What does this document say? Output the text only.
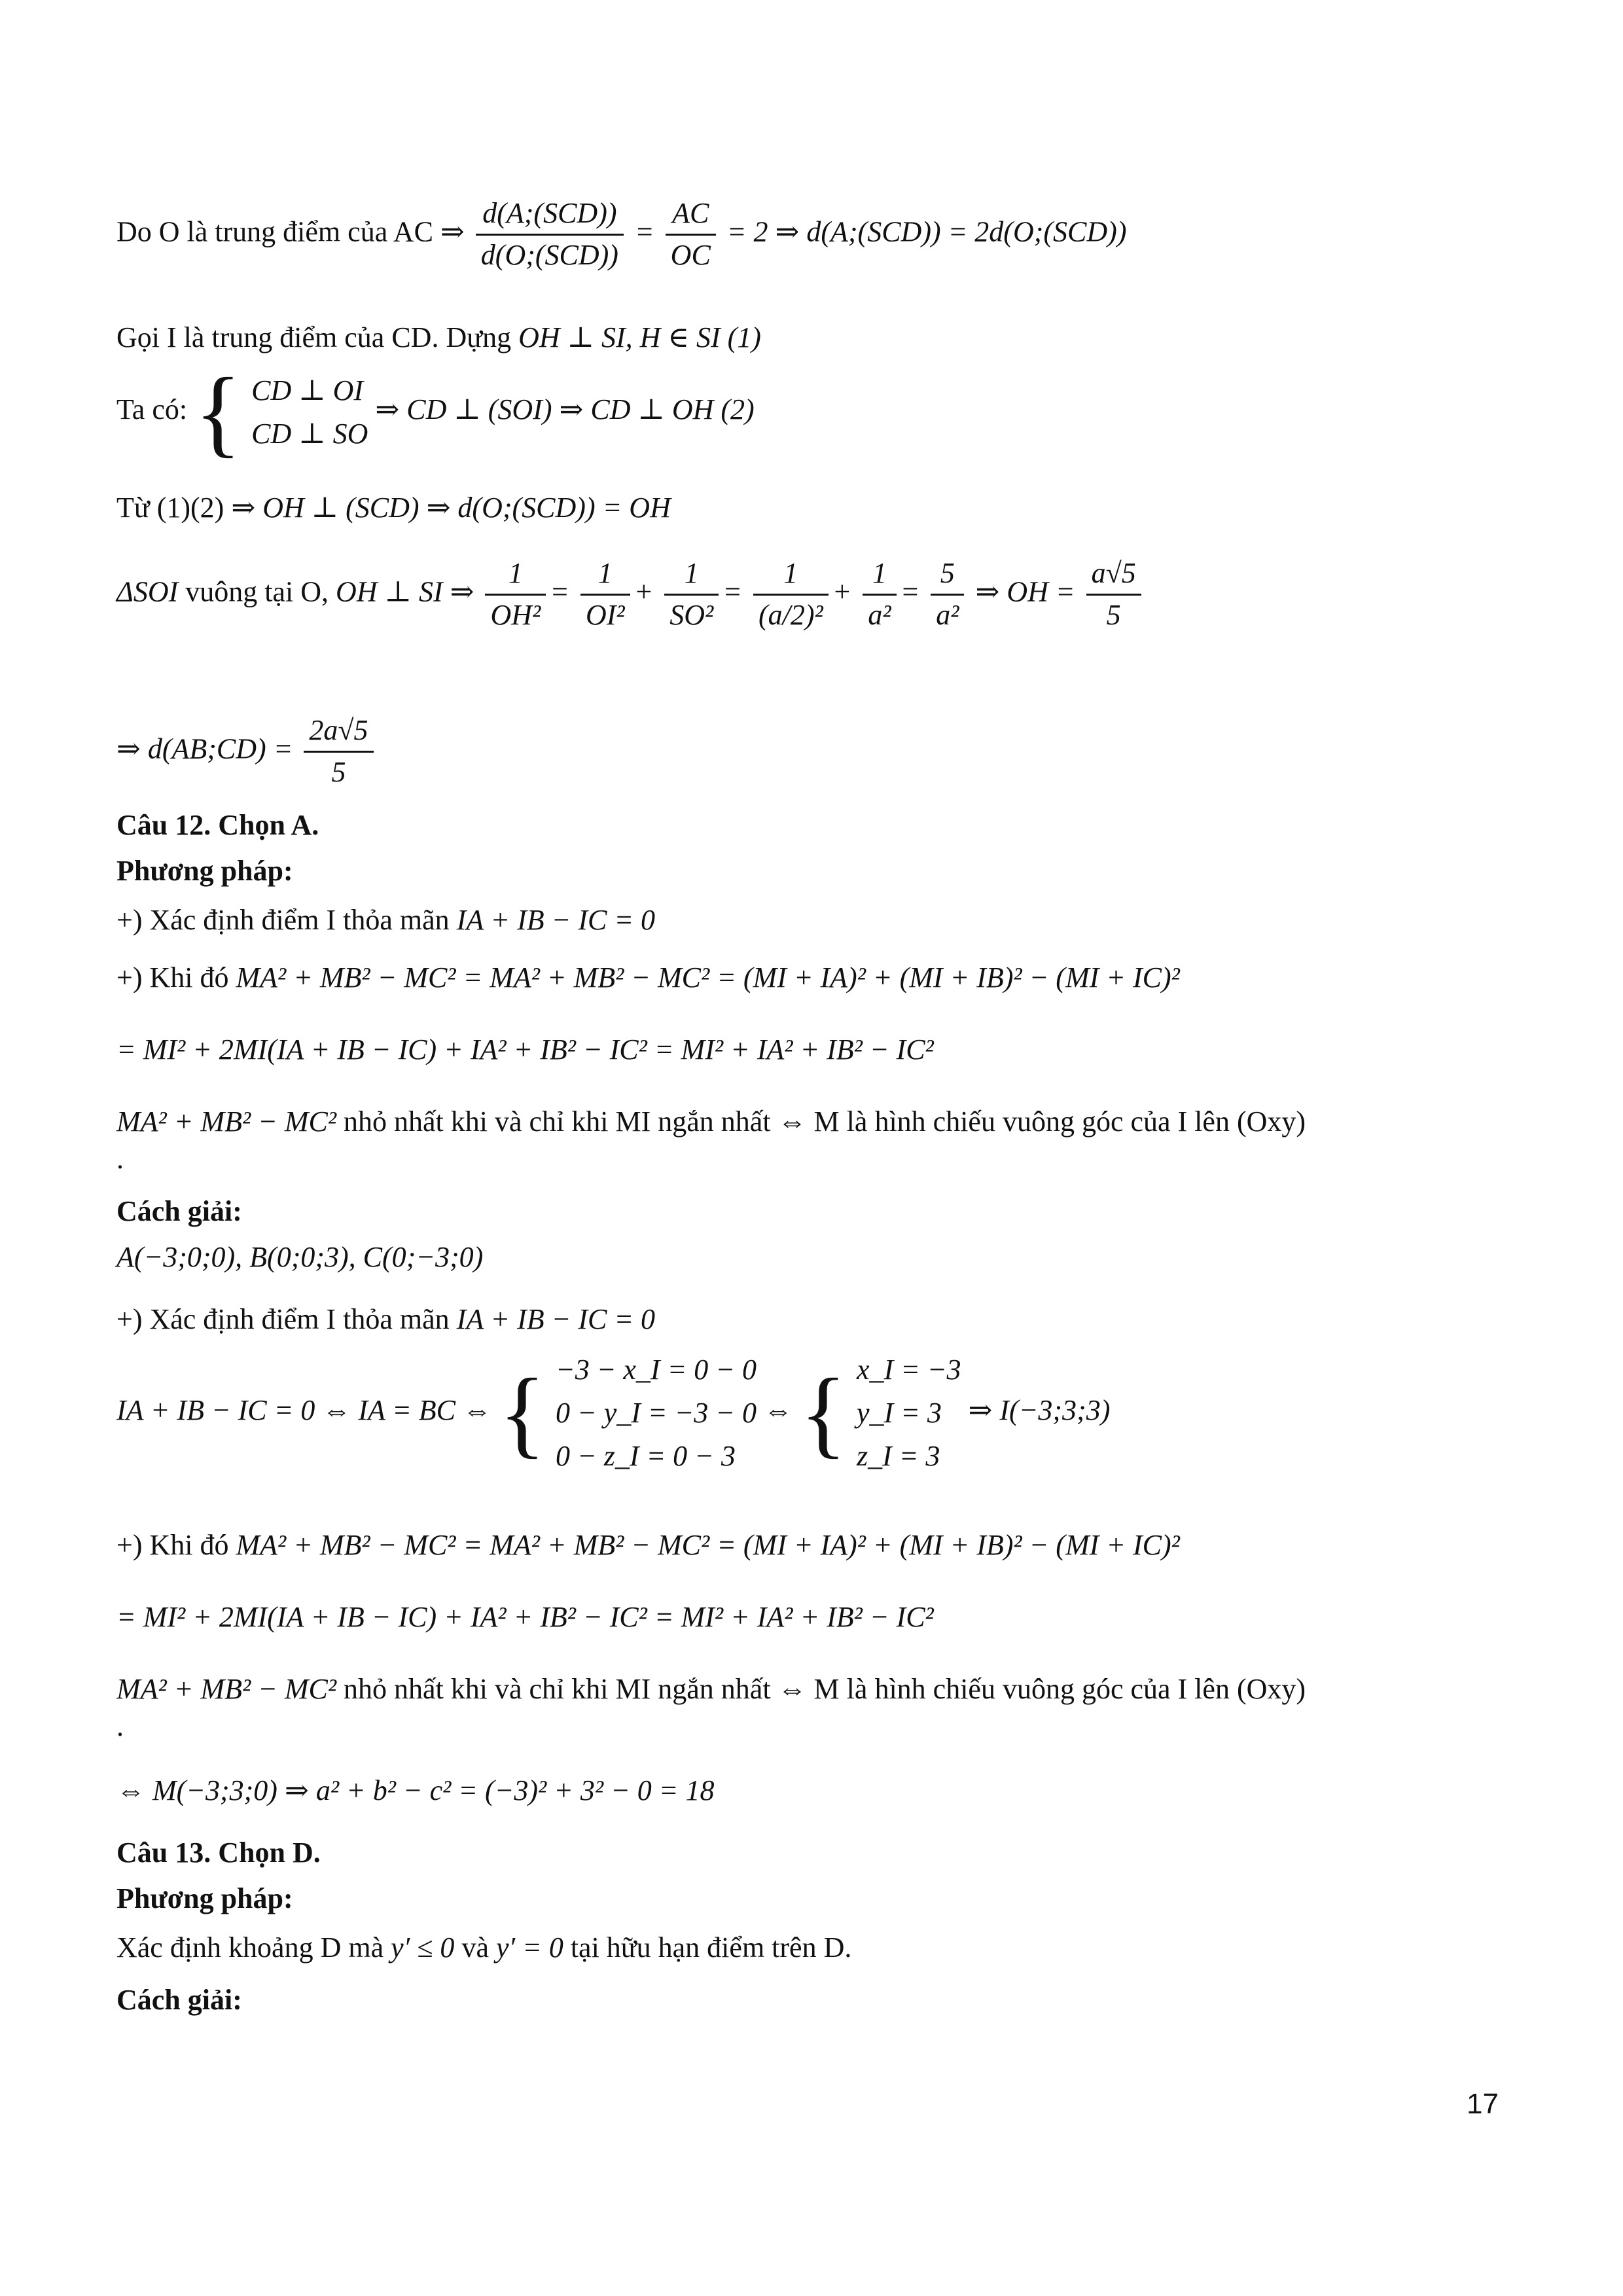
Do O là trung điểm của AC ⇒ $\frac{\text{d(A;(SCD))}}{\text{d(O;(SCD))}} = \frac{AC}{OC} = 2$ ⇒ d(A;(SCD)) = 2d(O;(SCD))
Gọi I là trung điểm của CD. Dựng OH ⊥ SI, H ∈ SI (1)
Ta có: { CD ⊥ OI
CD ⊥ SO
⇒ CD ⊥ (SOI) ⇒ CD ⊥ OH (2)
Từ (1)(2) ⇒ OH ⊥ (SCD) ⇒ d(O;(SCD)) = OH
ΔSOI vuông tại O, OH ⊥ SI ⇒ $\frac{1}{\text{OH²}} = \frac{1}{\text{OI²}} + \frac{1}{\text{SO²}} = \frac{1}{\text{(a/2)²}} + \frac{1}{\text{a²}} = \frac{5}{\text{a²}}$ ⇒ OH = $\frac{a√5}{5}$
⇒ d(AB;CD) = $\frac{2a√5}{5}$
Câu 12. Chọn A.
Phương pháp:
+) Xác định điểm I thỏa mãn IA + IB − IC = 0
+) Khi đó MA² + MB² − MC² = MA² + MB² − MC² = (MI + IA)² + (MI + IB)² − (MI + IC)²
= MI² + 2MI(IA + IB − IC) + IA² + IB² − IC² = MI² + IA² + IB² − IC²
MA² + MB² − MC² nhỏ nhất khi và chỉ khi MI ngắn nhất ⇔ M là hình chiếu vuông góc của I lên (Oxy)
.
Cách giải:
A(−3;0;0), B(0;0;3), C(0;−3;0)
+) Xác định điểm I thỏa mãn IA + IB − IC = 0
IA + IB − IC = 0 ⇔ IA = BC ⇔ { −3 − x_I = 0 − 0
0 − y_I = −3 − 0
0 − z_I = 0 − 3
⇔ { x_I = −3
y_I = 3
z_I = 3
⇒ I(−3;3;3)
+) Khi đó MA² + MB² − MC² = MA² + MB² − MC² = (MI + IA)² + (MI + IB)² − (MI + IC)²
= MI² + 2MI(IA + IB − IC) + IA² + IB² − IC² = MI² + IA² + IB² − IC²
MA² + MB² − MC² nhỏ nhất khi và chỉ khi MI ngắn nhất ⇔ M là hình chiếu vuông góc của I lên (Oxy)
.
⇔ M(−3;3;0) ⇒ a² + b² − c² = (−3)² + 3² − 0 = 18
Câu 13. Chọn D.
Phương pháp:
Xác định khoảng D mà y′ ≤ 0 và y′ = 0 tại hữu hạn điểm trên D.
Cách giải:
17
